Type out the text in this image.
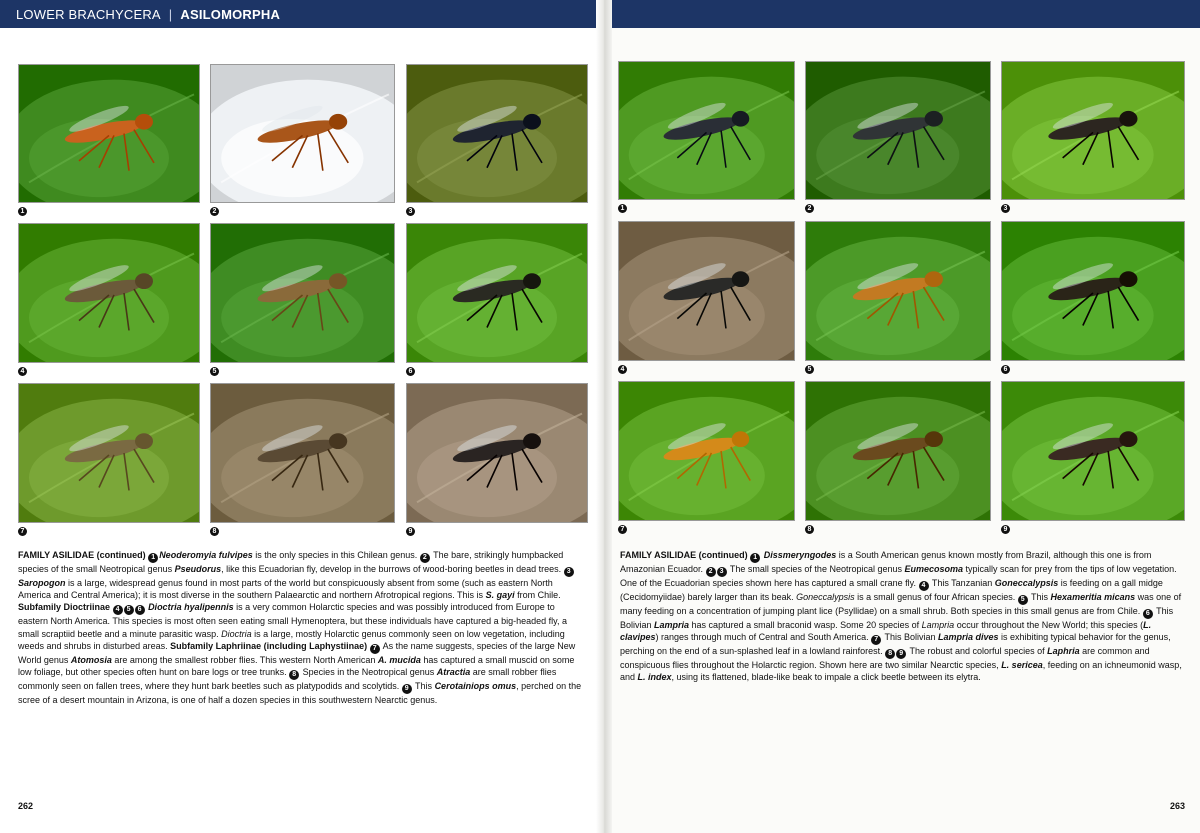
LOWER BRACHYCERA | ASILOMORPHA
1	2	3
4	5	6
7	8	9
FAMILY ASILIDAE (continued) 1 Neoderomyia fulvipes is the only species in this Chilean genus. 2 The bare, strikingly humpbacked species of the small Neotropical genus Pseudorus, like this Ecuadorian fly, develop in the burrows of wood-boring beetles in dead trees. 3 Saropogon is a large, widespread genus found in most parts of the world but conspicuously absent from some (such as eastern North America and Central America); it is most diverse in the southern Palaearctic and northern Afrotropical regions. This is S. gayi from Chile. Subfamily Dioctriinae 4 5 6 Dioctria hyalipennis is a very common Holarctic species and was possibly introduced from Europe to eastern North America. This species is most often seen eating small Hymenoptera, but these individuals have captured a big-headed fly, a small scraptiid beetle and a minute parasitic wasp. Dioctria is a large, mostly Holarctic genus commonly seen on low vegetation, including weeds and shrubs in disturbed areas. Subfamily Laphriinae (including Laphystiinae) 7 As the name suggests, species of the large New World genus Atomosia are among the smallest robber flies. This western North American A. mucida has captured a small muscid on some low foliage, but other species often hunt on bare logs or tree trunks. 8 Species in the Neotropical genus Atractia are small robber flies commonly seen on fallen trees, where they hunt bark beetles such as platypodids and scolytids. 9 This Cerotainiops omus, perched on the scree of a desert mountain in Arizona, is one of half a dozen species in this southwestern Nearctic genus.
262
1	2	3
4	5	6
7	8	9
FAMILY ASILIDAE (continued) 1 Dissmeryngodes is a South American genus known mostly from Brazil, although this one is from Amazonian Ecuador. 2 3 The small species of the Neotropical genus Eumecosoma typically scan for prey from the tips of low vegetation. One of the Ecuadorian species shown here has captured a small crane fly. 4 This Tanzanian Goneccalypsis is feeding on a gall midge (Cecidomyiidae) barely larger than its beak. Goneccalypsis is a small genus of four African species. 5 This Hexameritia micans was one of many feeding on a concentration of jumping plant lice (Psyllidae) on a small shrub. Both species in this small genus are from Chile. 6 This Bolivian Lampria has captured a small braconid wasp. Some 20 species of Lampria occur throughout the New World; this species (L. clavipes) ranges through much of Central and South America. 7 This Bolivian Lampria dives is exhibiting typical behavior for the genus, perching on the end of a sun-splashed leaf in a lowland rainforest. 8 9 The robust and colorful species of Laphria are common and conspicuous flies throughout the Holarctic region. Shown here are two similar Nearctic species, L. sericea, feeding on an ichneumonid wasp, and L. index, using its flattened, blade-like beak to impale a click beetle between its elytra.
263
